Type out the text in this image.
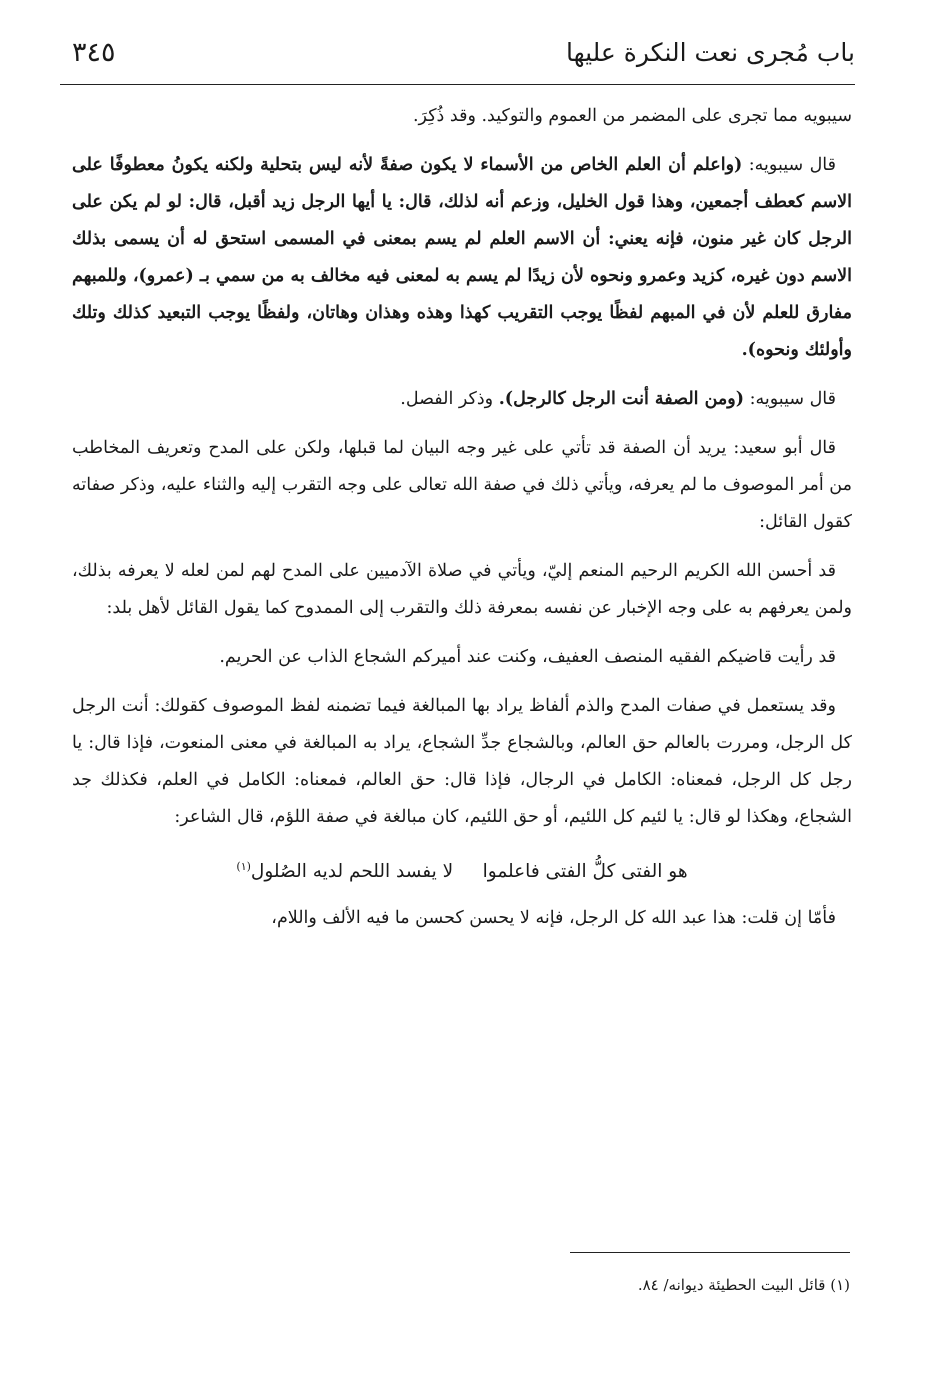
باب مُجرى نعت النكرة عليها
٣٤٥

سيبويه مما تجرى على المضمر من العموم والتوكيد. وقد ذُكِرَ.

قال سيبويه: (واعلم أن العلم الخاص من الأسماء لا يكون صفةً لأنه ليس بتحلية ولكنه يكونُ معطوفًا على الاسم كعطف أجمعين، وهذا قول الخليل، وزعم أنه لذلك، قال: يا أيها الرجل زيد أقبل، قال: لو لم يكن على الرجل كان غير منون، فإنه يعني: أن الاسم العلم لم يسم بمعنى في المسمى استحق له أن يسمى بذلك الاسم دون غيره، كزيد وعمرو ونحوه لأن زيدًا لم يسم به لمعنى فيه مخالف به من سمي بـ (عمرو)، وللمبهم مفارق للعلم لأن في المبهم لفظًا يوجب التقريب كهذا وهذه وهذان وهاتان، ولفظًا يوجب التبعيد كذلك وتلك وأولئك ونحوه).

قال سيبويه: (ومن الصفة أنت الرجل كالرجل). وذكر الفصل.

قال أبو سعيد: يريد أن الصفة قد تأتي على غير وجه البيان لما قبلها، ولكن على المدح وتعريف المخاطب من أمر الموصوف ما لم يعرفه، ويأتي ذلك في صفة الله تعالى على وجه التقرب إليه والثناء عليه، وذكر صفاته كقول القائل:

قد أحسن الله الكريم الرحيم المنعم إليّ، ويأتي في صلاة الآدميين على المدح لهم لمن لعله لا يعرفه بذلك، ولمن يعرفهم به على وجه الإخبار عن نفسه بمعرفة ذلك والتقرب إلى الممدوح كما يقول القائل لأهل بلد:

قد رأيت قاضيكم الفقيه المنصف العفيف، وكنت عند أميركم الشجاع الذاب عن الحريم.

وقد يستعمل في صفات المدح والذم ألفاظ يراد بها المبالغة فيما تضمنه لفظ الموصوف كقولك: أنت الرجل كل الرجل، ومررت بالعالم حق العالم، وبالشجاع جدِّ الشجاع، يراد به المبالغة في معنى المنعوت، فإذا قال: يا رجل كل الرجل، فمعناه: الكامل في الرجال، فإذا قال: حق العالم، فمعناه: الكامل في العلم، فكذلك جد الشجاع، وهكذا لو قال: يا لئيم كل اللئيم، أو حق اللئيم، كان مبالغة في صفة اللؤم، قال الشاعر:

هو الفتى كلُّ الفتى فاعلموا     لا يفسد اللحم لديه الصُلول$^{(١)}$

فأمّا إن قلت: هذا عبد الله كل الرجل، فإنه لا يحسن كحسن ما فيه الألف واللام،

(١) قائل البيت الحطيئة ديوانه/ ٨٤.
